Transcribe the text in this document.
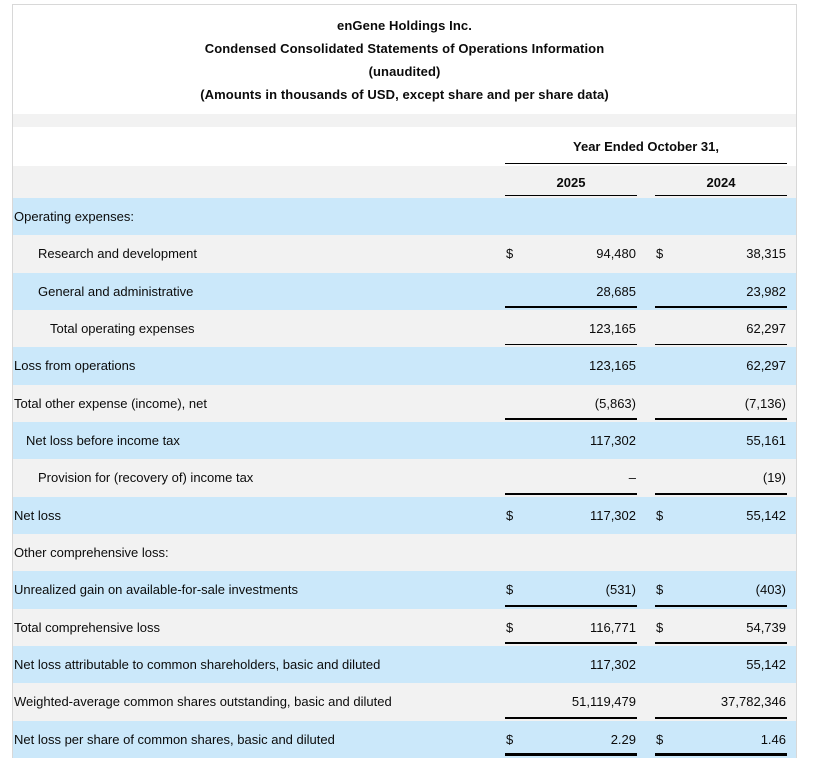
enGene Holdings Inc.
Condensed Consolidated Statements of Operations Information
(unaudited)
(Amounts in thousands of USD, except share and per share data)
Year Ended October 31,
2025	2024
Operating expenses:
Research and development	$	94,480 $	38,315
General and administrative	28,685	23,982
Total operating expenses	123,165	62,297
Loss from operations	123,165	62,297
Total other expense (income), net	(5,863)	(7,136)
Net loss before income tax	117,302	55,161
Provision for (recovery of) income tax	–	(19)
Net loss	$	117,302 $	55,142
Other comprehensive loss:
Unrealized gain on available-for-sale investments	$	(531) $	(403)
Total comprehensive loss	$	116,771 $	54,739
Net loss attributable to common shareholders, basic and diluted	117,302	55,142
Weighted-average common shares outstanding, basic and diluted	51,119,479	37,782,346
Net loss per share of common shares, basic and diluted	$	2.29 $	1.46
